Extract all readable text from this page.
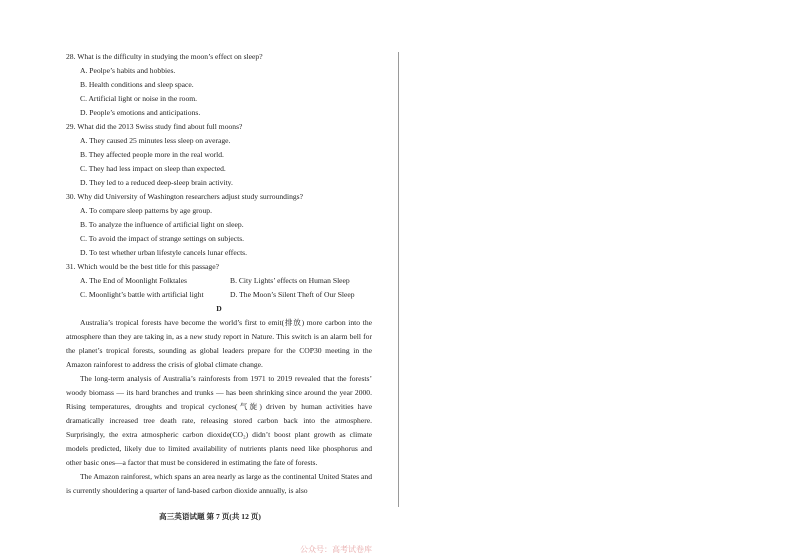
28. What is the difficulty in studying the moon’s effect on sleep?

A. Peolpe’s habits and hobbies.

B. Health conditions and sleep space.

C. Artificial light or noise in the room.

D. People’s emotions and anticipations.

29. What did the 2013 Swiss study find about full moons?

A. They caused 25 minutes less sleep on average.

B. They affected people more in the real world.

C. They had less impact on sleep than expected.

D. They led to a reduced deep-sleep brain activity.

30. Why did University of Washington researchers adjust study surroundings?

A. To compare sleep patterns by age group.

B. To analyze the influence of artificial light on sleep.

C. To avoid the impact of strange settings on subjects.

D. To test whether urban lifestyle cancels lunar effects.

31. Which would be the best title for this passage?

A. The End of Moonlight Folktales	B. City Lights’ effects on Human Sleep
C. Moonlight’s battle with artificial light	D. The Moon’s Silent Theft of Our Sleep

D

Australia’s tropical forests have become the world’s first to emit(排放) more carbon into the atmosphere than they are taking in, as a new study report in Nature. This switch is an alarm bell for the planet’s tropical forests, sounding as global leaders prepare for the COP30 meeting in the Amazon rainforest to address the crisis of global climate change.

The long-term analysis of Australia’s rainforests from 1971 to 2019 revealed that the forests’ woody biomass — its hard branches and trunks — has been shrinking since around the year 2000. Rising temperatures, droughts and tropical cyclones(气旋) driven by human activities have dramatically increased tree death rate, releasing stored carbon back into the atmosphere. Surprisingly, the extra atmospheric carbon dioxide(CO₂) didn’t boost plant growth as climate models predicted, likely due to limited availability of nutrients plants need like phosphorus and other basic ones—a factor that must be considered in estimating the fate of forests.

The Amazon rainforest, which spans an area nearly as large as the continental United States and is currently shouldering a quarter of land-based carbon dioxide annually, is also

高三英语试题 第 7 页(共 12 页)
公众号：高考试卷库
